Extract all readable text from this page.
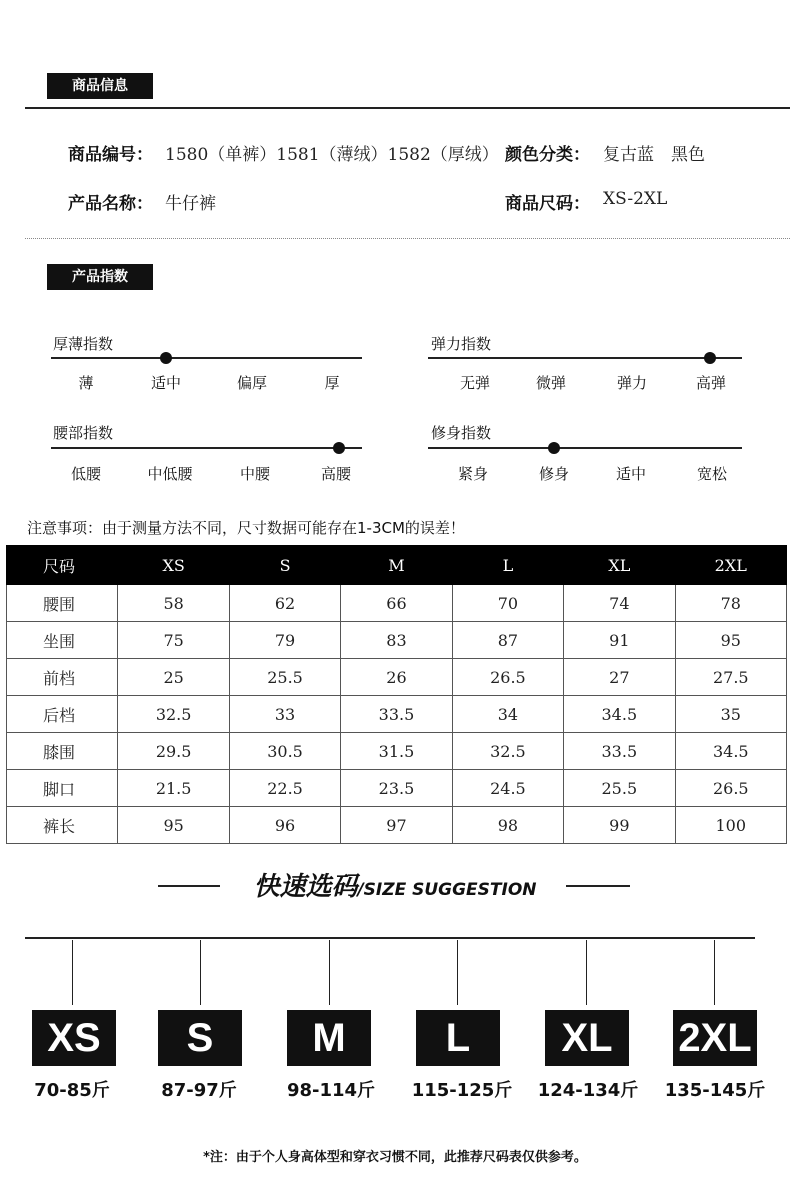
商品信息
商品编号： 1580（单裤）1581（薄绒）1582（厚绒） 颜色分类： 复古蓝　黑色
产品名称： 牛仔裤	商品尺码： XS-2XL
产品指数
厚薄指数
薄	适中	偏厚	厚
弹力指数
无弹	微弹	弹力	高弹
腰部指数
低腰	中低腰	中腰	高腰
修身指数
紧身	修身	适中	宽松
注意事项：由于测量方法不同，尺寸数据可能存在1-3CM的误差！
尺码	XS	S	M	L	XL	2XL
腰围	58	62	66	70	74	78
坐围	75	79	83	87	91	95
前档	25	25.5	26	26.5	27	27.5
后档	32.5	33	33.5	34	34.5	35
膝围	29.5	30.5	31.5	32.5	33.5	34.5
脚口	21.5	22.5	23.5	24.5	25.5	26.5
裤长	95	96	97	98	99	100
快速选码/SIZE SUGGESTION
XS	S	M	L	XL	2XL
70-85斤	87-97斤	98-114斤	115-125斤	124-134斤	135-145斤
*注：由于个人身高体型和穿衣习惯不同，此推荐尺码表仅供参考。
